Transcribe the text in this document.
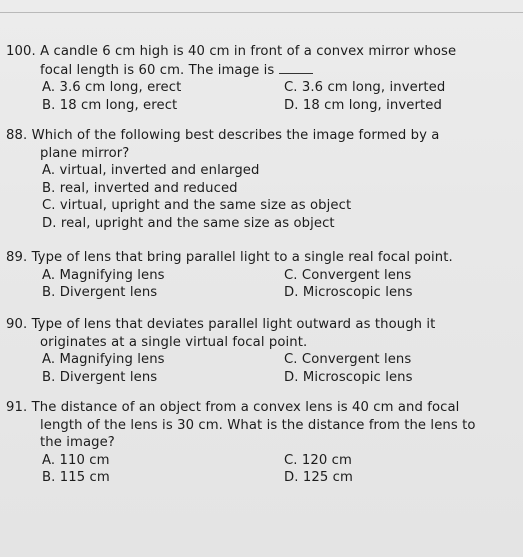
100. A candle 6 cm high is 40 cm in front of a convex mirror whose
focal length is 60 cm. The image is
A. 3.6 cm long, erect
B. 18 cm long, erect
C. 3.6 cm long, inverted
D. 18 cm long, inverted
88. Which of the following best describes the image formed by a
plane mirror?
A. virtual, inverted and enlarged
B. real, inverted and reduced
C. virtual, upright and the same size as object
D. real, upright and the same size as object
89. Type of lens that bring parallel light to a single real focal point.
A. Magnifying lens
B. Divergent lens
C. Convergent lens
D. Microscopic lens
90. Type of lens that deviates parallel light outward as though it
originates at a single virtual focal point.
A. Magnifying lens
B. Divergent lens
C. Convergent lens
D. Microscopic lens
91. The distance of an object from a convex lens is 40 cm and focal
length of the lens is 30 cm. What is the distance from the lens to
the image?
A. 110 cm
B. 115 cm
C. 120 cm
D. 125 cm
